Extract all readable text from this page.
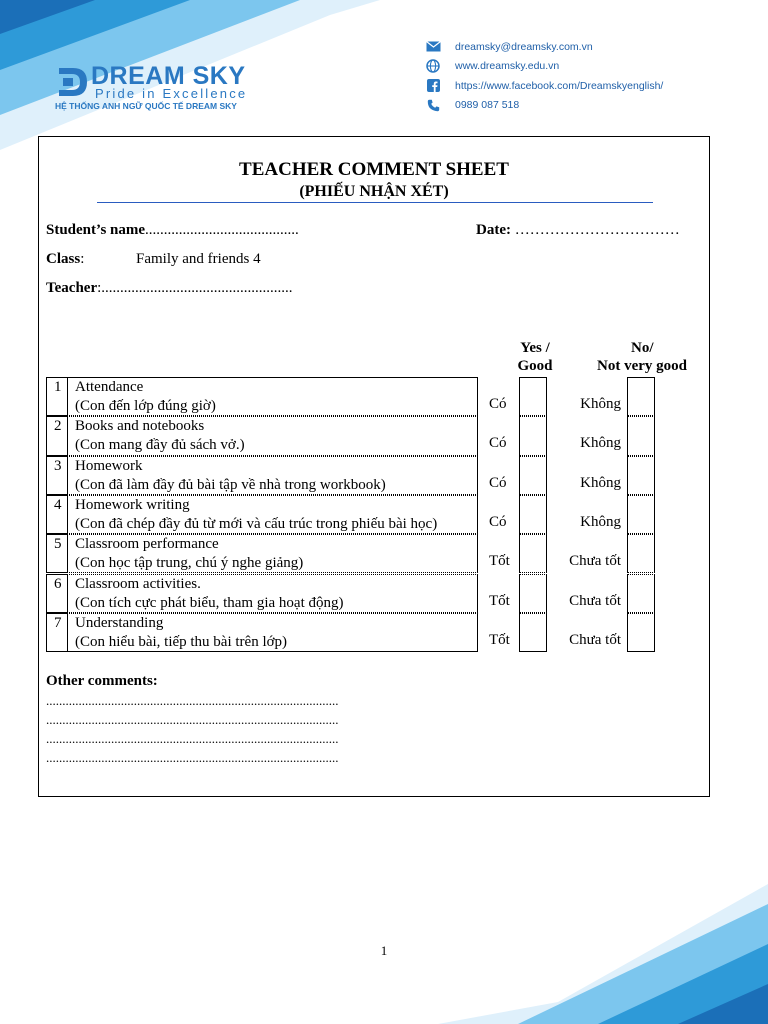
DREAM SKY
Pride in Excellence
HỆ THỐNG ANH NGỮ QUỐC TẾ DREAM SKY
dreamsky@dreamsky.com.vn
www.dreamsky.edu.vn
https://www.facebook.com/Dreamskyenglish/
0989 087 518
TEACHER COMMENT SHEET
(PHIẾU NHẬN XÉT)
Student’s name.........................................	Date: ……………………………
Class:	Family and friends 4
Teacher:...................................................
Yes /
Good
No/
Not very good
1 Attendance
(Con đến lớp đúng giờ)	Có	Không
2 Books and notebooks
(Con mang đầy đủ sách vở.)	Có	Không
3 Homework
(Con đã làm đầy đủ bài tập về nhà trong workbook)	Có	Không
4 Homework writing
(Con đã chép đầy đủ từ mới và cấu trúc trong phiếu bài học)	Có	Không
5 Classroom performance
(Con học tập trung, chú ý nghe giảng)	Tốt	Chưa tốt
6 Classroom activities.
(Con tích cực phát biểu, tham gia hoạt động)	Tốt	Chưa tốt
7 Understanding
(Con hiểu bài, tiếp thu bài trên lớp)	Tốt	Chưa tốt
Other comments:
..........................................................................................
..........................................................................................
..........................................................................................
..........................................................................................
1
